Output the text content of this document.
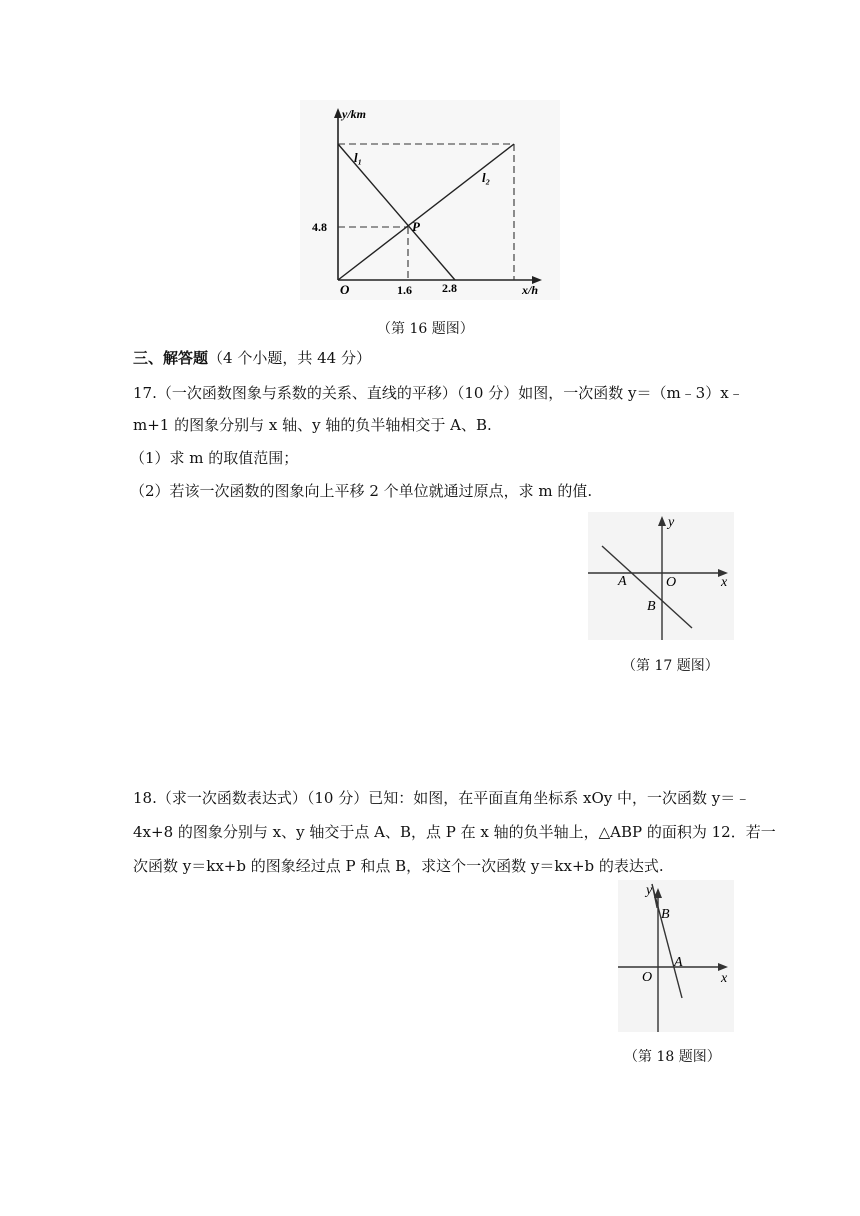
y/km
x/h
O
l₁
l₂
P
4.8
1.6	2.8
（第 16 题图）
三、解答题（4 个小题，共 44 分）
17.（一次函数图象与系数的关系、直线的平移）（10 分）如图，一次函数 y＝（m﹣3）x﹣
m+1 的图象分别与 x 轴、y 轴的负半轴相交于 A、B.
（1）求 m 的取值范围；
（2）若该一次函数的图象向上平移 2 个单位就通过原点，求 m 的值.
y
x
O
A
B
（第 17 题图）
18.（求一次函数表达式）（10 分）已知：如图，在平面直角坐标系 xOy 中，一次函数 y＝﹣
4x+8 的图象分别与 x、y 轴交于点 A、B，点 P 在 x 轴的负半轴上，△ABP 的面积为 12．若一
次函数 y＝kx+b 的图象经过点 P 和点 B，求这个一次函数 y＝kx+b 的表达式.
y
x
O
A
B
（第 18 题图）
